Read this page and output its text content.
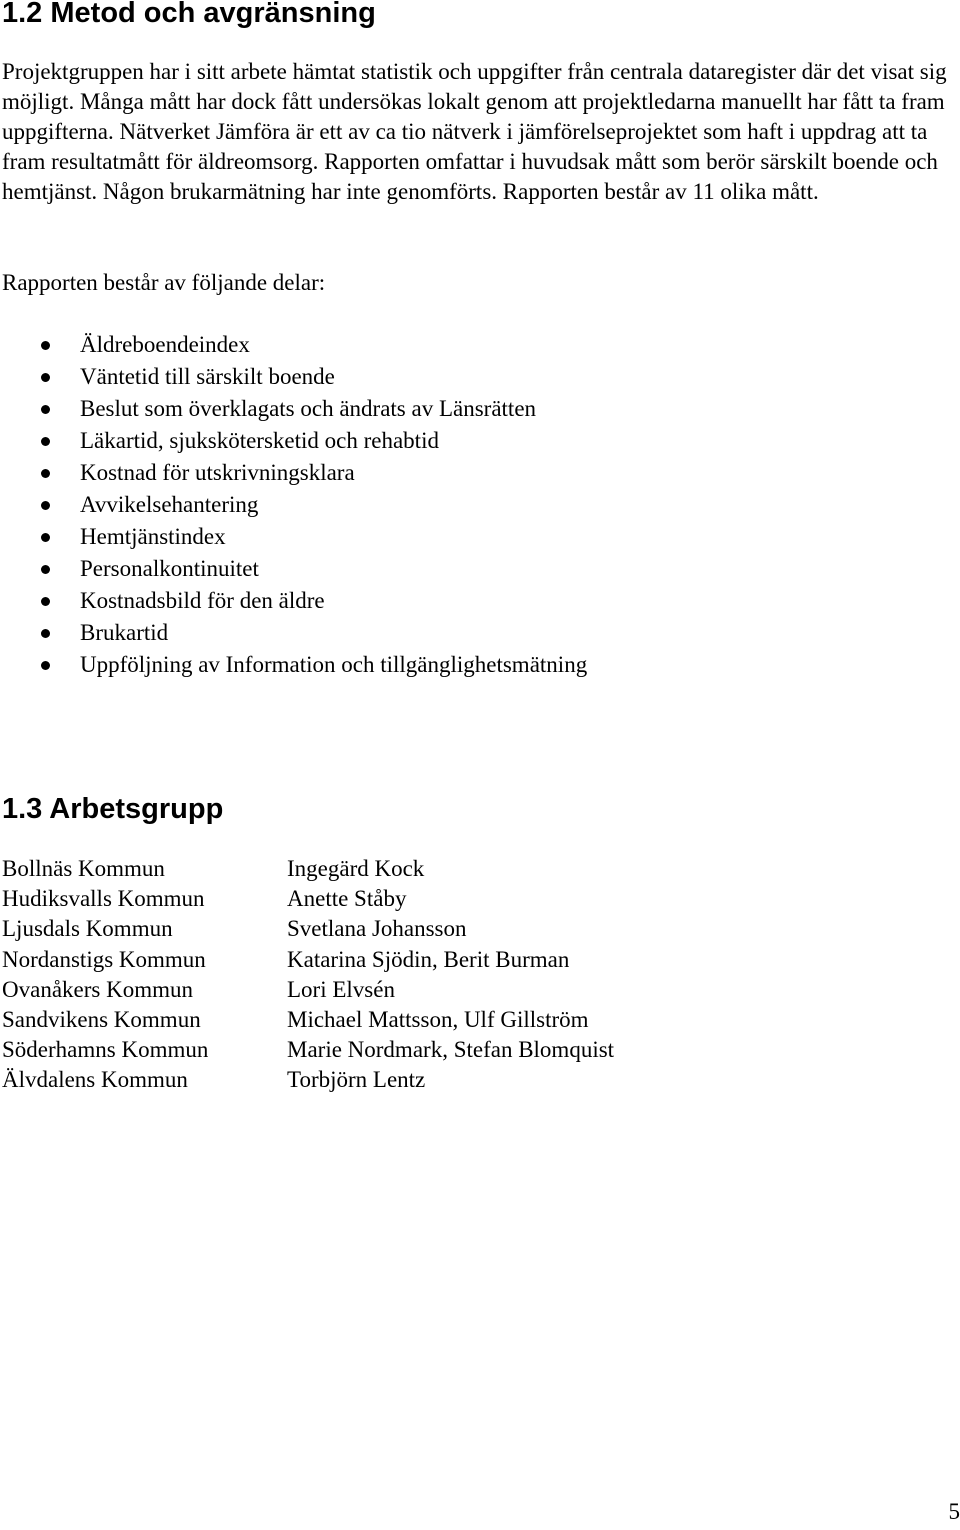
1.2 Metod och avgränsning

Projektgruppen har i sitt arbete hämtat statistik och uppgifter från centrala dataregister där det visat sig möjligt. Många mått har dock fått undersökas lokalt genom att projektledarna manuellt har fått ta fram uppgifterna. Nätverket Jämföra är ett av ca tio nätverk i jämförelseprojektet som haft i uppdrag att ta fram resultatmått för äldreomsorg. Rapporten omfattar i huvudsak mått som berör särskilt boende och hemtjänst. Någon brukarmätning har inte genomförts. Rapporten består av 11 olika mått.

Rapporten består av följande delar:

Äldreboendeindex
Väntetid till särskilt boende
Beslut som överklagats och ändrats av Länsrätten
Läkartid, sjukskötersketid och rehabtid
Kostnad för utskrivningsklara
Avvikelsehantering
Hemtjänstindex
Personalkontinuitet
Kostnadsbild för den äldre
Brukartid
Uppföljning av Information och tillgänglighetsmätning
1.3 Arbetsgrupp
Bollnäs Kommun	Ingegärd Kock
Hudiksvalls Kommun	Anette Ståby
Ljusdals Kommun	Svetlana Johansson
Nordanstigs Kommun	Katarina Sjödin, Berit Burman
Ovanåkers Kommun	Lori Elvsén
Sandvikens Kommun	Michael Mattsson, Ulf Gillström
Söderhamns Kommun	Marie Nordmark, Stefan Blomquist
Älvdalens Kommun	Torbjörn Lentz
5
